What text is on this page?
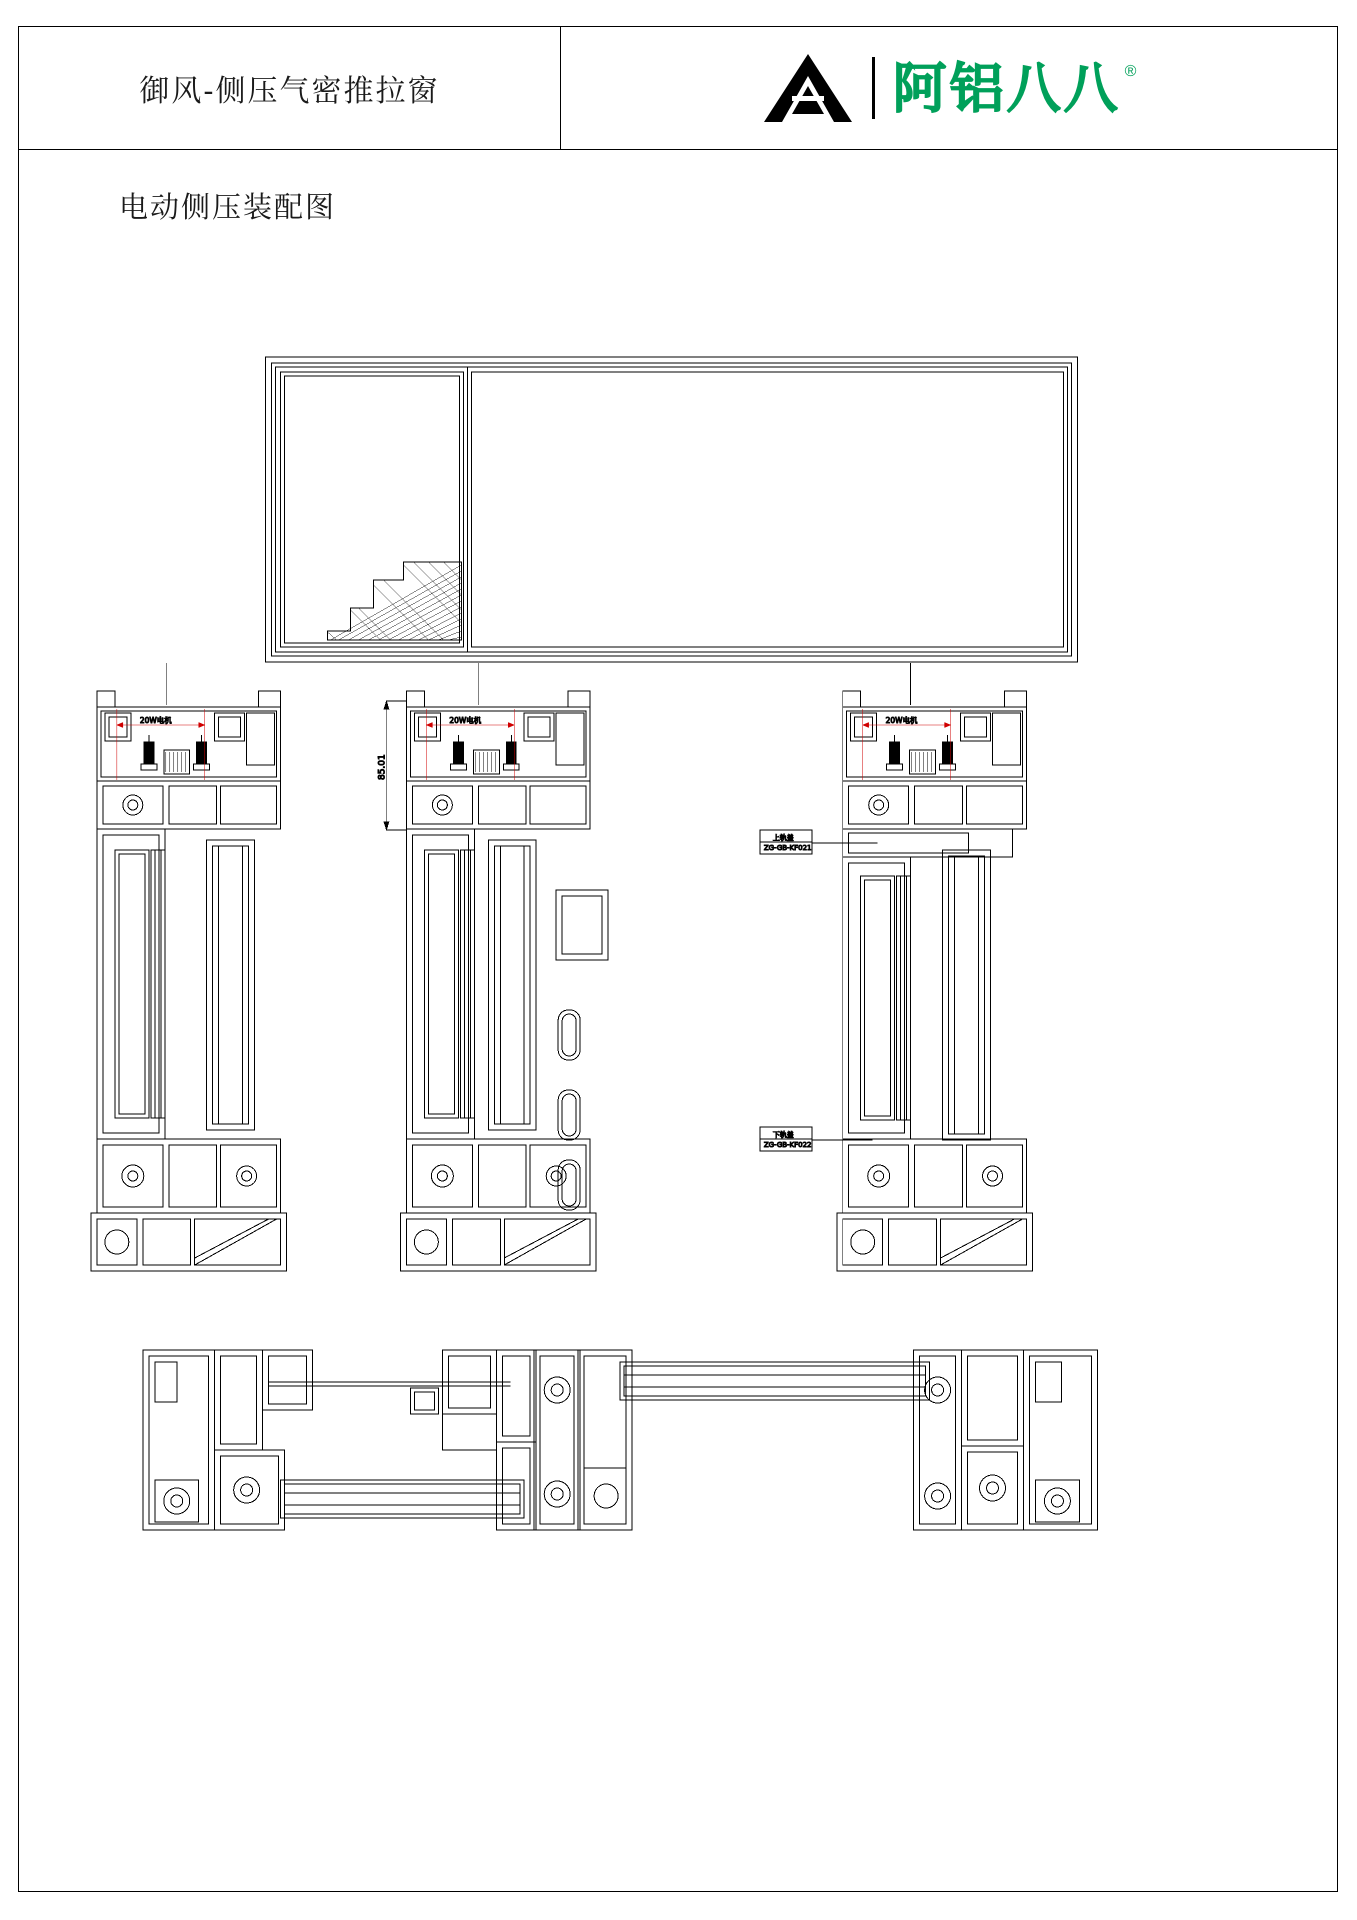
御风-侧压气密推拉窗	阿铝八八 ®
电动侧压装配图
20W电机	20W电机
85.01
20W电机
上轨盖
ZG-GB-KF021
下轨盖
ZG-GB-KF022
